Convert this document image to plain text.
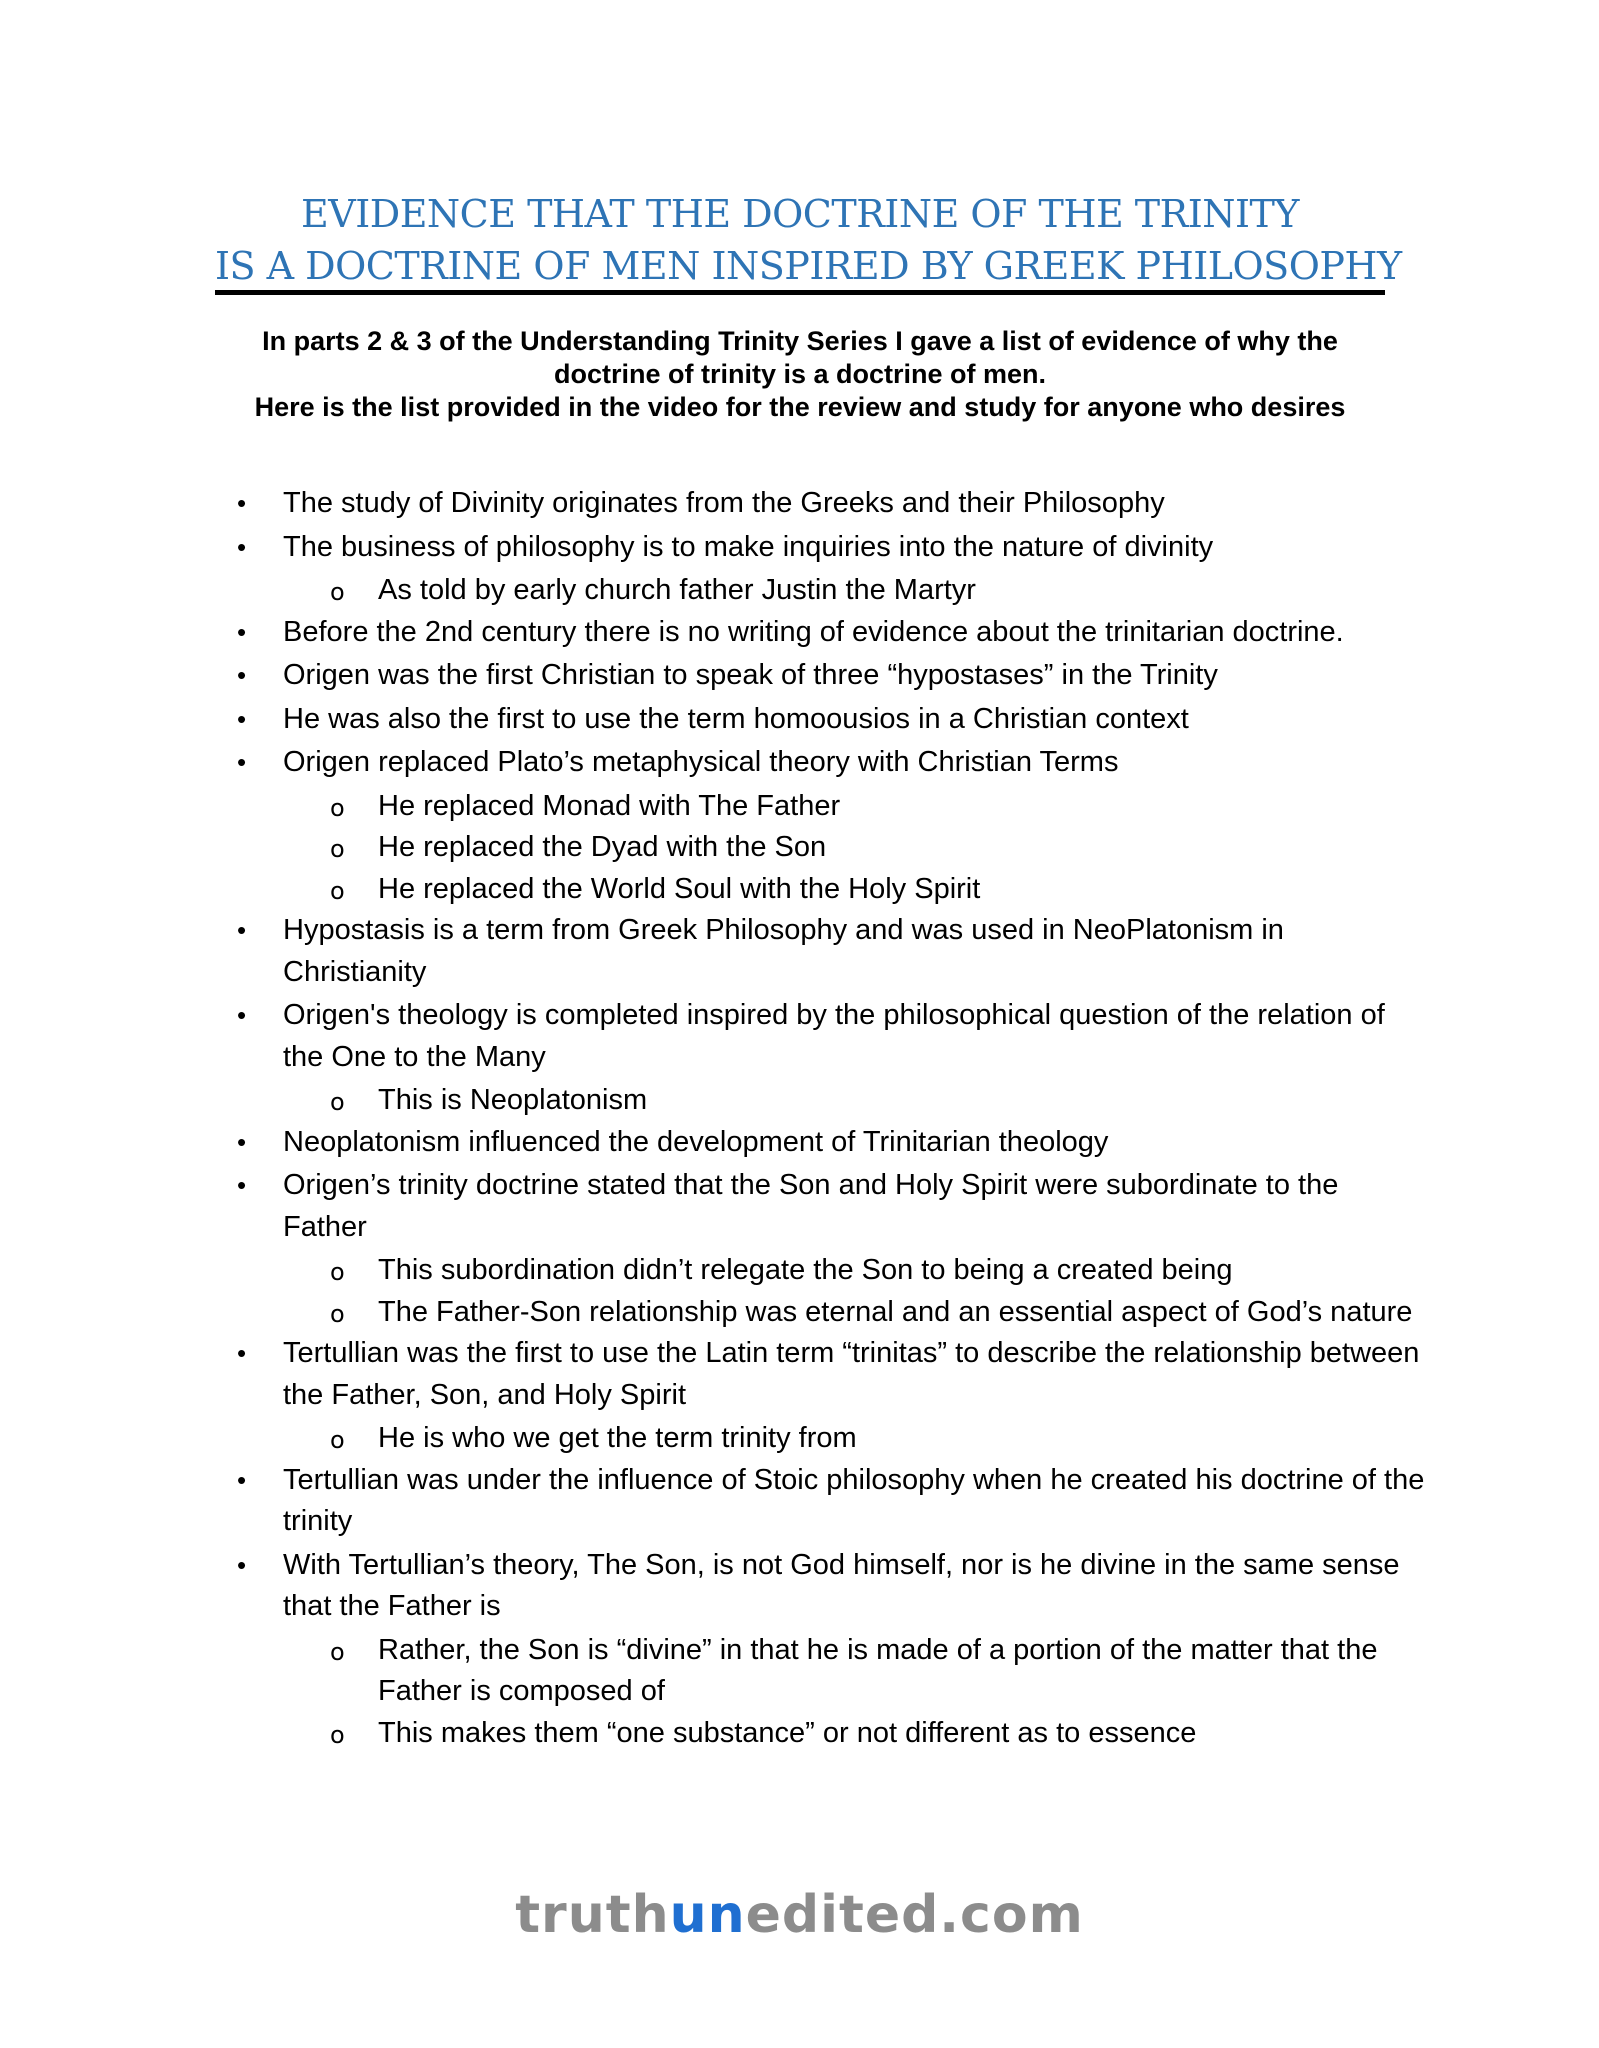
EVIDENCE THAT THE DOCTRINE OF THE TRINITY
IS A DOCTRINE OF MEN INSPIRED BY GREEK PHILOSOPHY
In parts 2 & 3 of the Understanding Trinity Series I gave a list of evidence of why the
doctrine of trinity is a doctrine of men.
Here is the list provided in the video for the review and study for anyone who desires
• The study of Divinity originates from the Greeks and their Philosophy
• The business of philosophy is to make inquiries into the nature of divinity
o As told by early church father Justin the Martyr
• Before the 2nd century there is no writing of evidence about the trinitarian doctrine.
• Origen was the first Christian to speak of three “hypostases” in the Trinity
• He was also the first to use the term homoousios in a Christian context
• Origen replaced Plato’s metaphysical theory with Christian Terms
o He replaced Monad with The Father
o He replaced the Dyad with the Son
o He replaced the World Soul with the Holy Spirit
• Hypostasis is a term from Greek Philosophy and was used in NeoPlatonism in Christianity
• Origen's theology is completed inspired by the philosophical question of the relation of the One to the Many
o This is Neoplatonism
• Neoplatonism influenced the development of Trinitarian theology
• Origen’s trinity doctrine stated that the Son and Holy Spirit were subordinate to the Father
o This subordination didn’t relegate the Son to being a created being
o The Father-Son relationship was eternal and an essential aspect of God’s nature
• Tertullian was the first to use the Latin term “trinitas” to describe the relationship between the Father, Son, and Holy Spirit
o He is who we get the term trinity from
• Tertullian was under the influence of Stoic philosophy when he created his doctrine of the trinity
• With Tertullian’s theory, The Son, is not God himself, nor is he divine in the same sense that the Father is
o Rather, the Son is “divine” in that he is made of a portion of the matter that the Father is composed of
o This makes them “one substance” or not different as to essence
truthunedited.com
